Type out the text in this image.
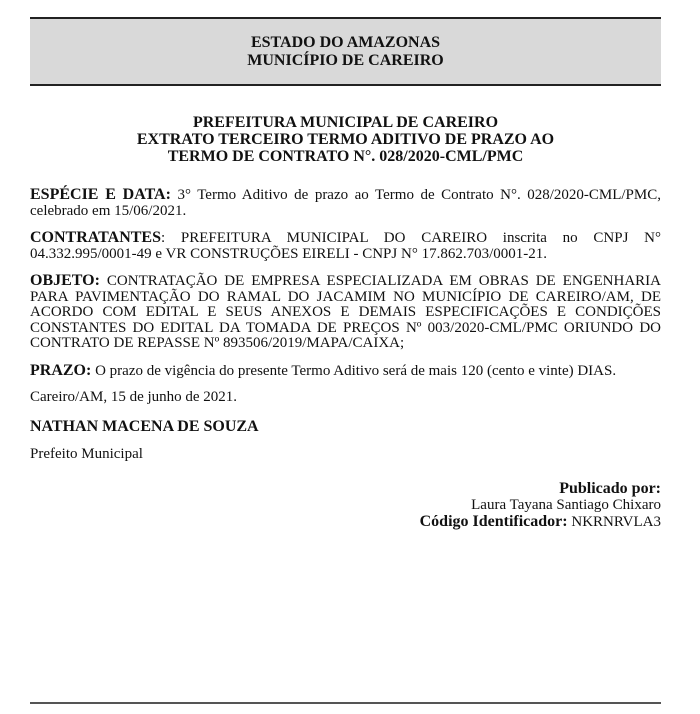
ESTADO DO AMAZONAS
MUNICÍPIO DE CAREIRO
PREFEITURA MUNICIPAL DE CAREIRO
EXTRATO TERCEIRO TERMO ADITIVO DE PRAZO AO
TERMO DE CONTRATO N°. 028/2020-CML/PMC

ESPÉCIE E DATA: 3° Termo Aditivo de prazo ao Termo de Contrato N°. 028/2020-CML/PMC, celebrado em 15/06/2021.

CONTRATANTES: PREFEITURA MUNICIPAL DO CAREIRO inscrita no CNPJ N° 04.332.995/0001-49 e VR CONSTRUÇÕES EIRELI - CNPJ N° 17.862.703/0001-21.

OBJETO: CONTRATAÇÃO DE EMPRESA ESPECIALIZADA EM OBRAS DE ENGENHARIA PARA PAVIMENTAÇÃO DO RAMAL DO JACAMIM NO MUNICÍPIO DE CAREIRO/AM, DE ACORDO COM EDITAL E SEUS ANEXOS E DEMAIS ESPECIFICAÇÕES E CONDIÇÕES CONSTANTES DO EDITAL DA TOMADA DE PREÇOS Nº 003/2020-CML/PMC ORIUNDO DO CONTRATO DE REPASSE Nº 893506/2019/MAPA/CAIXA;

PRAZO: O prazo de vigência do presente Termo Aditivo será de mais 120 (cento e vinte) DIAS.

Careiro/AM, 15 de junho de 2021.

NATHAN MACENA DE SOUZA

Prefeito Municipal

Publicado por:
Laura Tayana Santiago Chixaro
Código Identificador: NKRNRVLA3
